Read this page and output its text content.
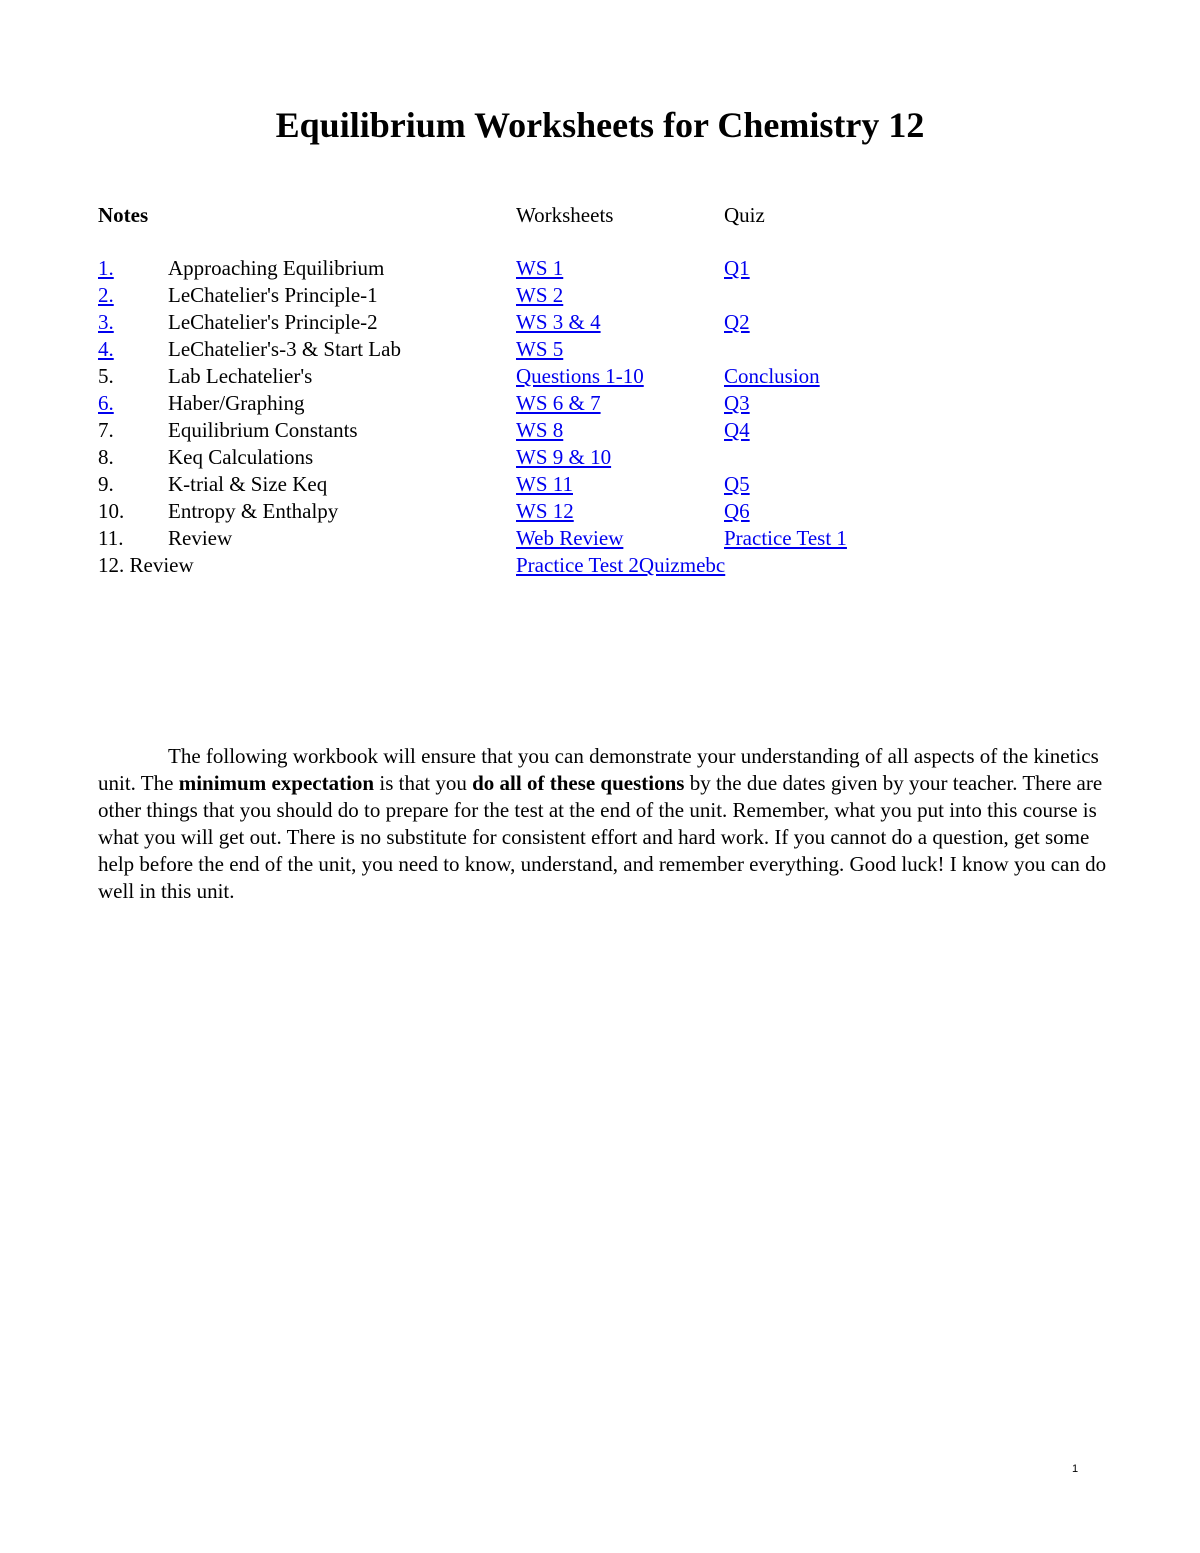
Equilibrium Worksheets for Chemistry 12
Notes	Worksheets	Quiz
1.	Approaching Equilibrium	WS 1	Q1
2.	LeChatelier's Principle-1	WS 2
3.	LeChatelier's Principle-2	WS 3 & 4	Q2
4.	LeChatelier's-3 & Start Lab	WS 5
5.	Lab Lechatelier's	Questions 1-10	Conclusion
6.	Haber/Graphing	WS 6 & 7	Q3
7.	Equilibrium Constants	WS 8	Q4
8.	Keq Calculations	WS 9 & 10
9.	K-trial & Size Keq	WS 11	Q5
10. Entropy & Enthalpy	WS 12	Q6
11. Review	Web Review	Practice Test 1
12. Review	Practice Test 2Quizmebc

The following workbook will ensure that you can demonstrate your understanding of all aspects of the kinetics unit. The minimum expectation is that you do all of these questions by the due dates given by your teacher. There are other things that you should do to prepare for the test at the end of the unit. Remember, what you put into this course is what you will get out. There is no substitute for consistent effort and hard work. If you cannot do a question, get some help before the end of the unit, you need to know, understand, and remember everything. Good luck! I know you can do well in this unit.

1
